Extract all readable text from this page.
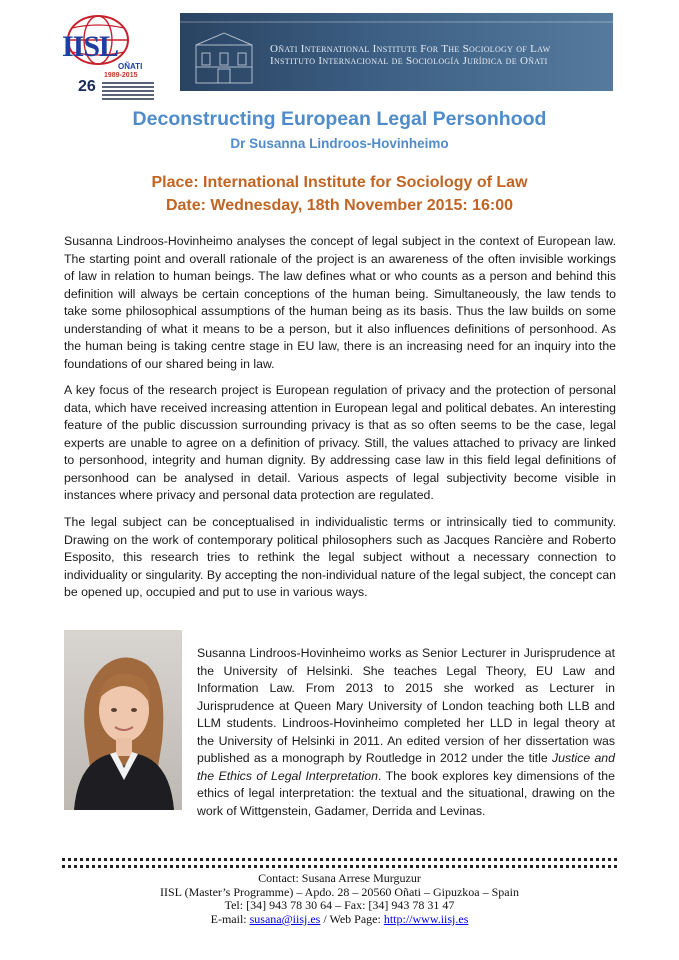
IISL
OÑATI
1989-2015
26
Oñati International Institute For The Sociology of Law
Instituto Internacional de Sociología Jurídica de Oñati
Deconstructing European Legal Personhood
Dr Susanna Lindroos-Hovinheimo
Place: International Institute for Sociology of Law
Date: Wednesday, 18th November 2015: 16:00
Susanna Lindroos-Hovinheimo analyses the concept of legal subject in the context of European law. The starting point and overall rationale of the project is an awareness of the often invisible workings of law in relation to human beings. The law defines what or who counts as a person and behind this definition will always be certain conceptions of the human being. Simultaneously, the law tends to take some philosophical assumptions of the human being as its basis. Thus the law builds on some understanding of what it means to be a person, but it also influences definitions of personhood. As the human being is taking centre stage in EU law, there is an increasing need for an inquiry into the foundations of our shared being in law.
A key focus of the research project is European regulation of privacy and the protection of personal data, which have received increasing attention in European legal and political debates. An interesting feature of the public discussion surrounding privacy is that as so often seems to be the case, legal experts are unable to agree on a definition of privacy. Still, the values attached to privacy are linked to personhood, integrity and human dignity. By addressing case law in this field legal definitions of personhood can be analysed in detail. Various aspects of legal subjectivity become visible in instances where privacy and personal data protection are regulated.
The legal subject can be conceptualised in individualistic terms or intrinsically tied to community. Drawing on the work of contemporary political philosophers such as Jacques Rancière and Roberto Esposito, this research tries to rethink the legal subject without a necessary connection to individuality or singularity. By accepting the non-individual nature of the legal subject, the concept can be opened up, occupied and put to use in various ways.
Susanna Lindroos-Hovinheimo works as Senior Lecturer in Jurisprudence at the University of Helsinki. She teaches Legal Theory, EU Law and Information Law. From 2013 to 2015 she worked as Lecturer in Jurisprudence at Queen Mary University of London teaching both LLB and LLM students. Lindroos-Hovinheimo completed her LLD in legal theory at the University of Helsinki in 2011. An edited version of her dissertation was published as a monograph by Routledge in 2012 under the title Justice and the Ethics of Legal Interpretation. The book explores key dimensions of the ethics of legal interpretation: the textual and the situational, drawing on the work of Wittgenstein, Gadamer, Derrida and Levinas.
Contact: Susana Arrese Murguzur
IISL (Master’s Programme) – Apdo. 28 – 20560 Oñati – Gipuzkoa – Spain
Tel: [34] 943 78 30 64 – Fax: [34] 943 78 31 47
E-mail: susana@iisj.es / Web Page: http://www.iisj.es
